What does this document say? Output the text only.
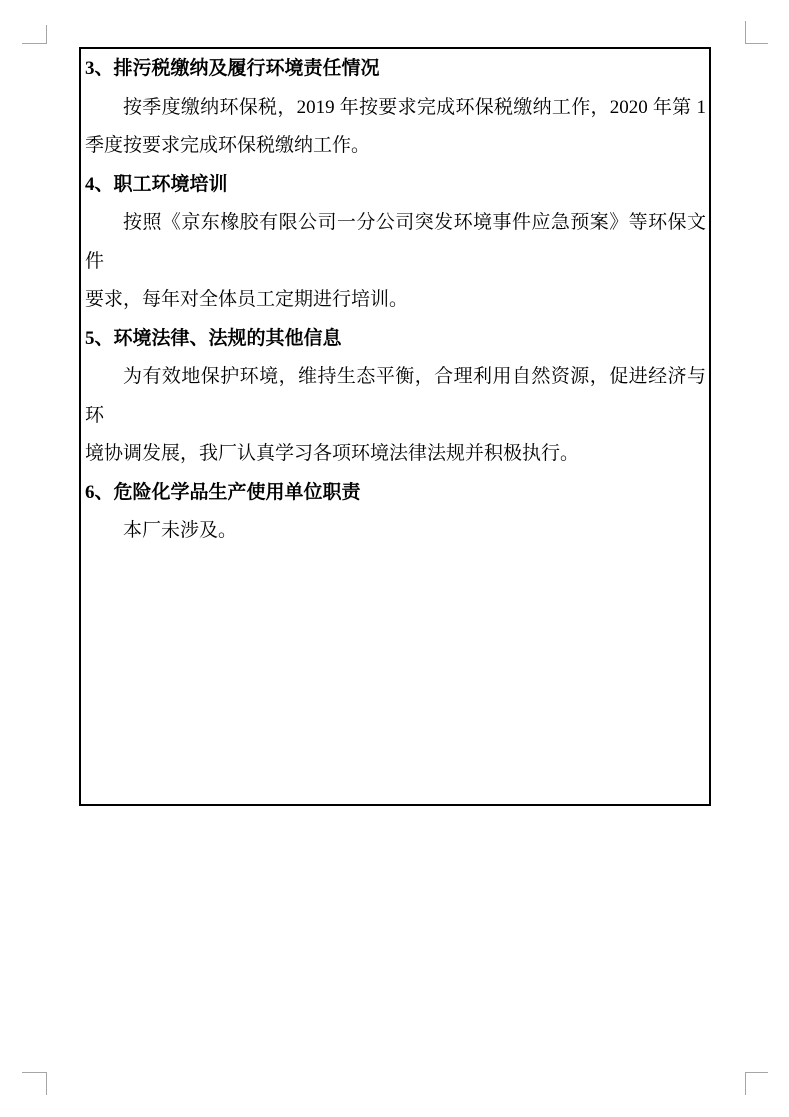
3、排污税缴纳及履行环境责任情况
按季度缴纳环保税，2019 年按要求完成环保税缴纳工作，2020 年第 1
季度按要求完成环保税缴纳工作。
4、职工环境培训
按照《京东橡胶有限公司一分公司突发环境事件应急预案》等环保文件
要求，每年对全体员工定期进行培训。
5、环境法律、法规的其他信息
为有效地保护环境，维持生态平衡，合理利用自然资源，促进经济与环
境协调发展，我厂认真学习各项环境法律法规并积极执行。
6、危险化学品生产使用单位职责
本厂未涉及。
